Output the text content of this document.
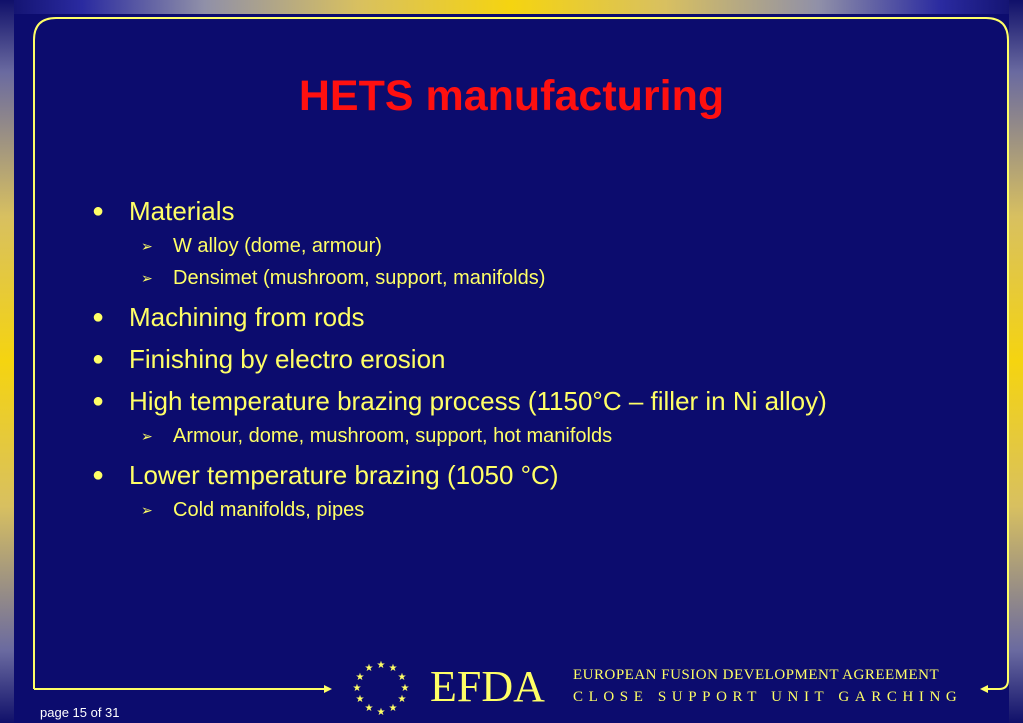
HETS manufacturing
● Materials
➢ W alloy (dome, armour)
➢ Densimet (mushroom, support, manifolds)
● Machining from rods
● Finishing by electro erosion
● High temperature brazing process (1150°C – filler in Ni alloy)
➢ Armour, dome, mushroom, support, hot manifolds
● Lower temperature brazing (1050 °C)
➢ Cold manifolds, pipes
★ ★
★
★
★
★
★
★
★
★
★
★ EFDA EUROPEAN FUSION DEVELOPMENT AGREEMENT
CLOSE SUPPORT UNIT GARCHING
page 15 of 31
